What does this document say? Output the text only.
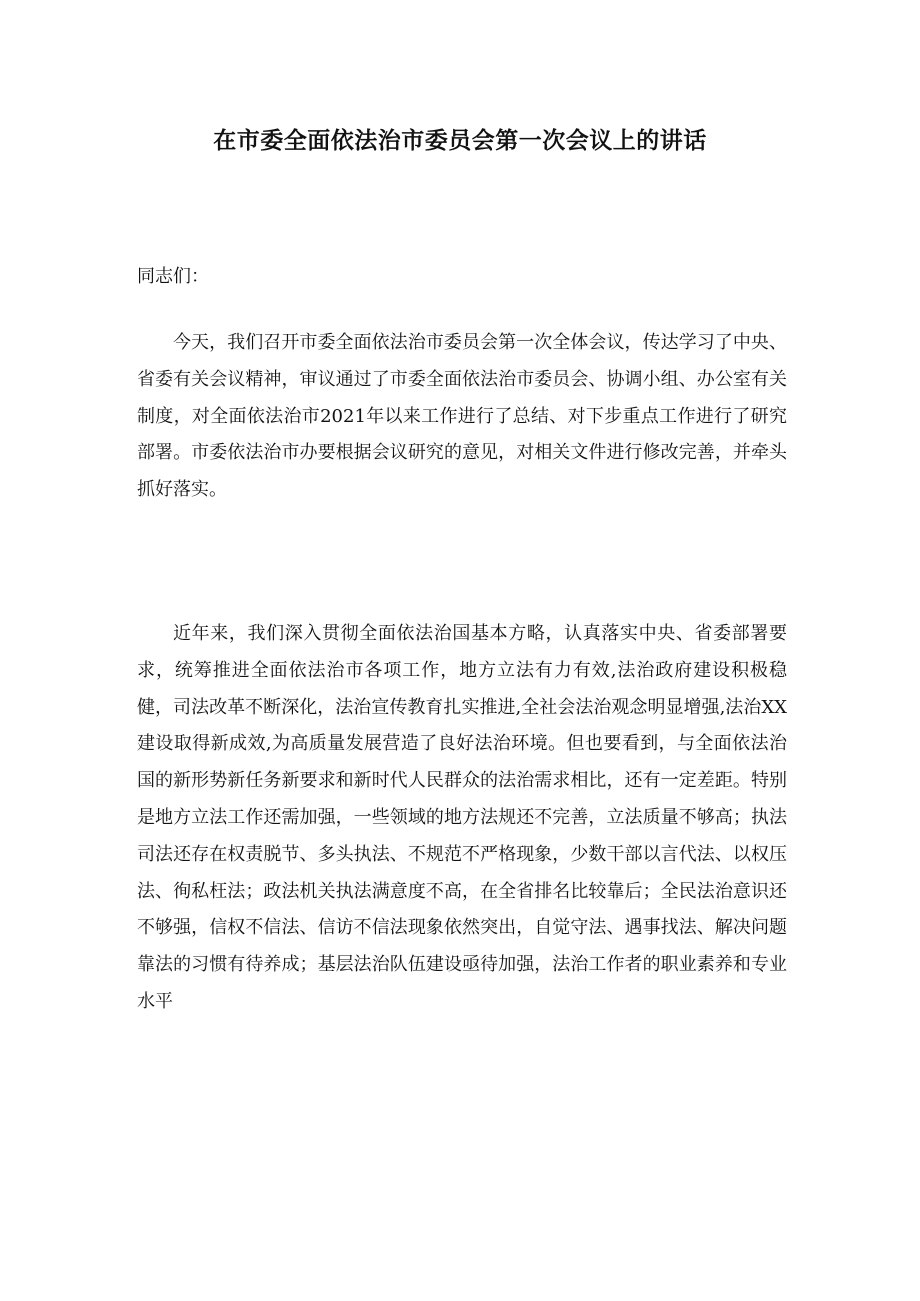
在市委全面依法治市委员会第一次会议上的讲话

同志们：

今天，我们召开市委全面依法治市委员会第一次全体会议，传达学习了中央、省委有关会议精神，审议通过了市委全面依法治市委员会、协调小组、办公室有关制度，对全面依法治市2021年以来工作进行了总结、对下步重点工作进行了研究部署。市委依法治市办要根据会议研究的意见，对相关文件进行修改完善，并牵头抓好落实。

近年来，我们深入贯彻全面依法治国基本方略，认真落实中央、省委部署要求，统筹推进全面依法治市各项工作，地方立法有力有效,法治政府建设积极稳健，司法改革不断深化，法治宣传教育扎实推进,全社会法治观念明显增强,法治XX建设取得新成效,为高质量发展营造了良好法治环境。但也要看到，与全面依法治国的新形势新任务新要求和新时代人民群众的法治需求相比，还有一定差距。特别是地方立法工作还需加强，一些领域的地方法规还不完善，立法质量不够高；执法司法还存在权责脱节、多头执法、不规范不严格现象，少数干部以言代法、以权压法、徇私枉法；政法机关执法满意度不高，在全省排名比较靠后；全民法治意识还不够强，信权不信法、信访不信法现象依然突出，自觉守法、遇事找法、解决问题靠法的习惯有待养成；基层法治队伍建设亟待加强，法治工作者的职业素养和专业水平
